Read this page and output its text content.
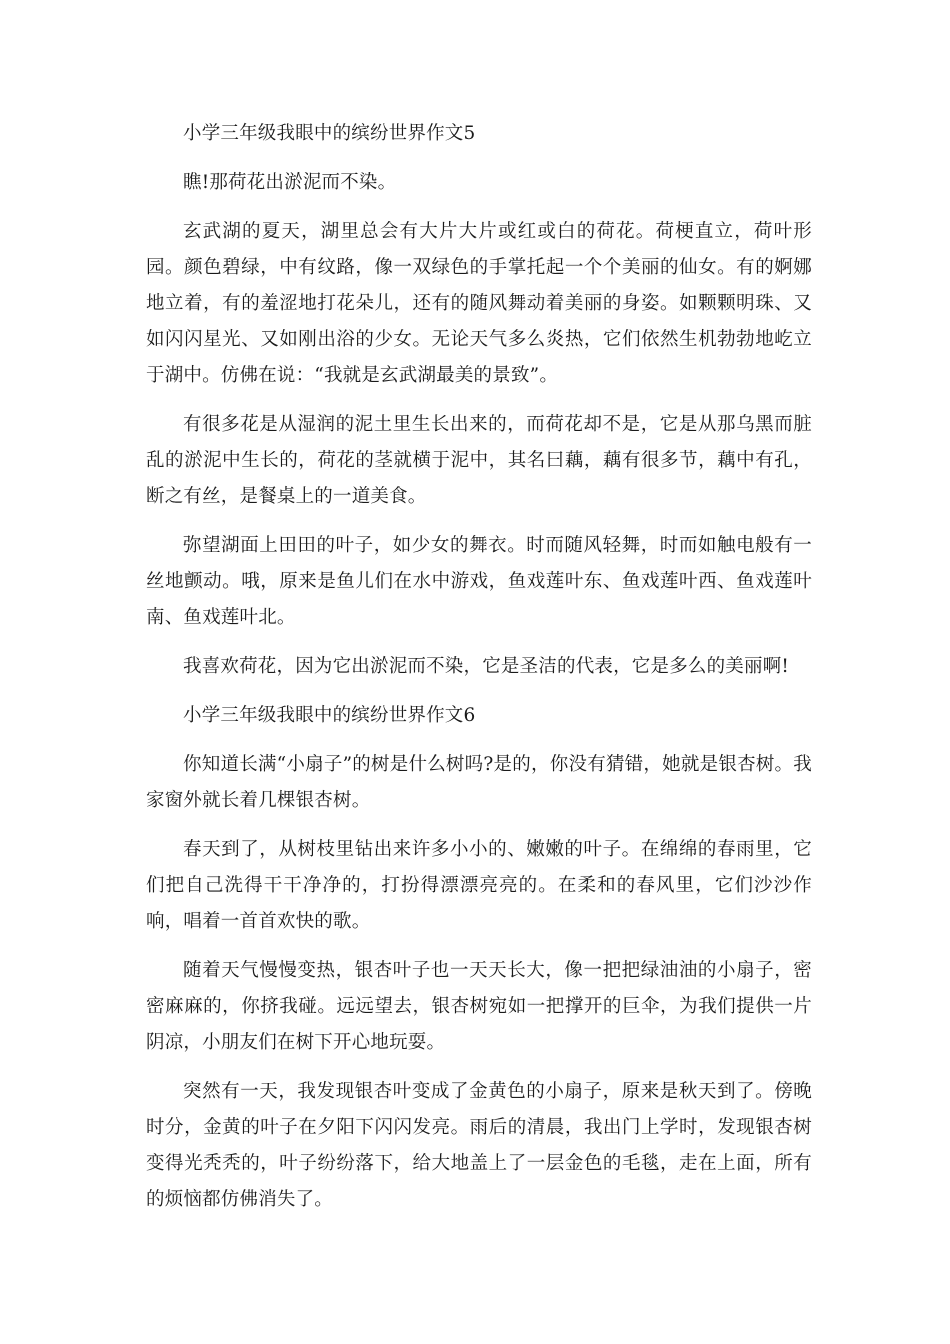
小学三年级我眼中的缤纷世界作文5

瞧!那荷花出淤泥而不染。

玄武湖的夏天，湖里总会有大片大片或红或白的荷花。荷梗直立，荷叶形园。颜色碧绿，中有纹路，像一双绿色的手掌托起一个个美丽的仙女。有的婀娜地立着，有的羞涩地打花朵儿，还有的随风舞动着美丽的身姿。如颗颗明珠、又如闪闪星光、又如刚出浴的少女。无论天气多么炎热，它们依然生机勃勃地屹立于湖中。仿佛在说：“我就是玄武湖最美的景致”。

有很多花是从湿润的泥土里生长出来的，而荷花却不是，它是从那乌黑而脏乱的淤泥中生长的，荷花的茎就横于泥中，其名曰藕，藕有很多节，藕中有孔，断之有丝，是餐桌上的一道美食。

弥望湖面上田田的叶子，如少女的舞衣。时而随风轻舞，时而如触电般有一丝地颤动。哦，原来是鱼儿们在水中游戏，鱼戏莲叶东、鱼戏莲叶西、鱼戏莲叶南、鱼戏莲叶北。

我喜欢荷花，因为它出淤泥而不染，它是圣洁的代表，它是多么的美丽啊!

小学三年级我眼中的缤纷世界作文6

你知道长满“小扇子”的树是什么树吗?是的，你没有猜错，她就是银杏树。我家窗外就长着几棵银杏树。

春天到了，从树枝里钻出来许多小小的、嫩嫩的叶子。在绵绵的春雨里，它们把自己洗得干干净净的，打扮得漂漂亮亮的。在柔和的春风里，它们沙沙作响，唱着一首首欢快的歌。

随着天气慢慢变热，银杏叶子也一天天长大，像一把把绿油油的小扇子，密密麻麻的，你挤我碰。远远望去，银杏树宛如一把撑开的巨伞，为我们提供一片阴凉，小朋友们在树下开心地玩耍。

突然有一天，我发现银杏叶变成了金黄色的小扇子，原来是秋天到了。傍晚时分，金黄的叶子在夕阳下闪闪发亮。雨后的清晨，我出门上学时，发现银杏树变得光秃秃的，叶子纷纷落下，给大地盖上了一层金色的毛毯，走在上面，所有的烦恼都仿佛消失了。
